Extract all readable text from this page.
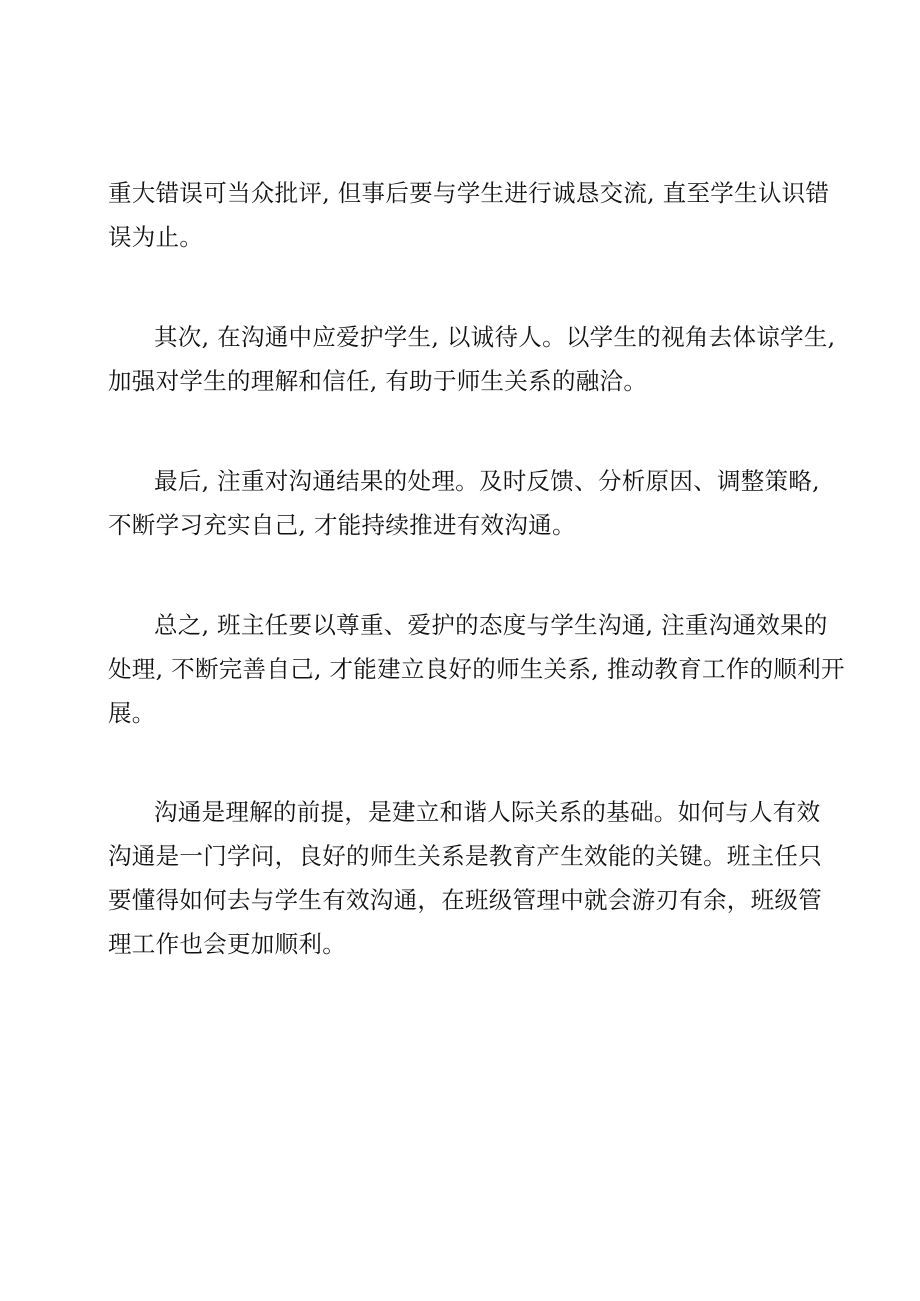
重大错误可当众批评, 但事后要与学生进行诚恳交流, 直至学生认识错
误为止。

其次, 在沟通中应爱护学生, 以诚待人。以学生的视角去体谅学生,
加强对学生的理解和信任, 有助于师生关系的融洽。

最后, 注重对沟通结果的处理。及时反馈、分析原因、调整策略,
不断学习充实自己, 才能持续推进有效沟通。

总之, 班主任要以尊重、爱护的态度与学生沟通, 注重沟通效果的
处理, 不断完善自己, 才能建立良好的师生关系, 推动教育工作的顺利开
展。

沟通是理解的前提，是建立和谐人际关系的基础。如何与人有效
沟通是一门学问，良好的师生关系是教育产生效能的关键。班主任只
要懂得如何去与学生有效沟通，在班级管理中就会游刃有余，班级管
理工作也会更加顺利。
